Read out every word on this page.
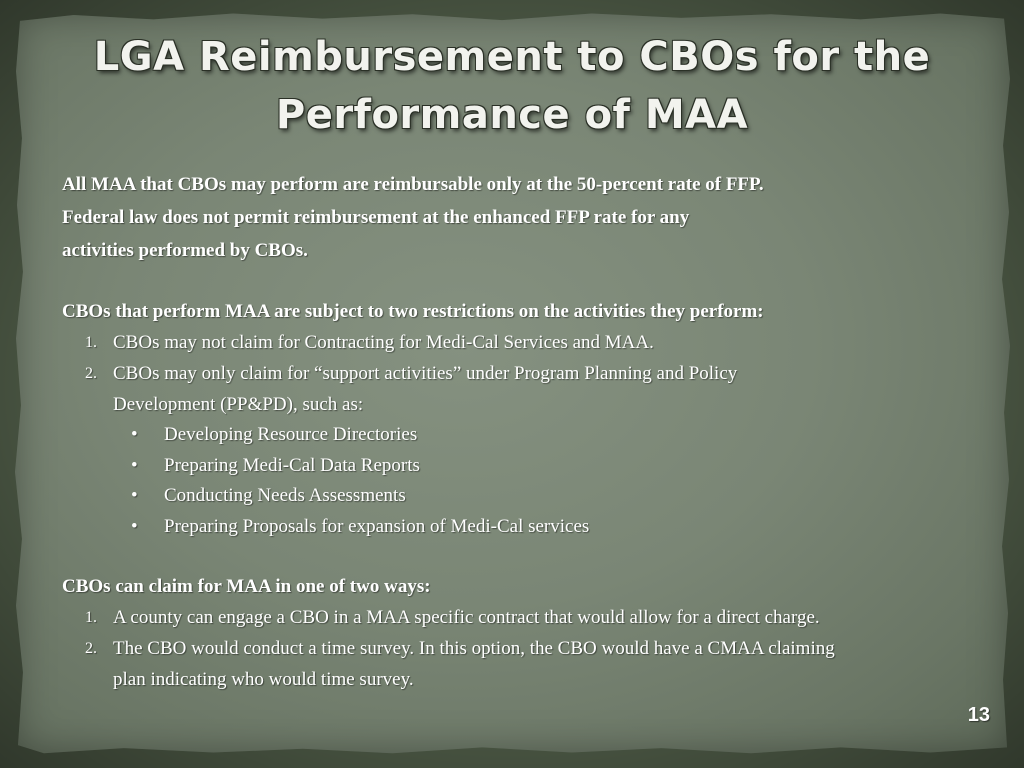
LGA Reimbursement to CBOs for the
Performance of MAA

All MAA that CBOs may perform are reimbursable only at the 50-percent rate of FFP.
Federal law does not permit reimbursement at the enhanced FFP rate for any
activities performed by CBOs.

CBOs that perform MAA are subject to two restrictions on the activities they perform:

1. CBOs may not claim for Contracting for Medi-Cal Services and MAA.
2. CBOs may only claim for “support activities” under Program Planning and Policy
Development (PP&PD), such as:
• Developing Resource Directories
• Preparing Medi-Cal Data Reports
• Conducting Needs Assessments
• Preparing Proposals for expansion of Medi-Cal services

CBOs can claim for MAA in one of two ways:

1. A county can engage a CBO in a MAA specific contract that would allow for a direct charge.
2. The CBO would conduct a time survey. In this option, the CBO would have a CMAA claiming
plan indicating who would time survey.
13
